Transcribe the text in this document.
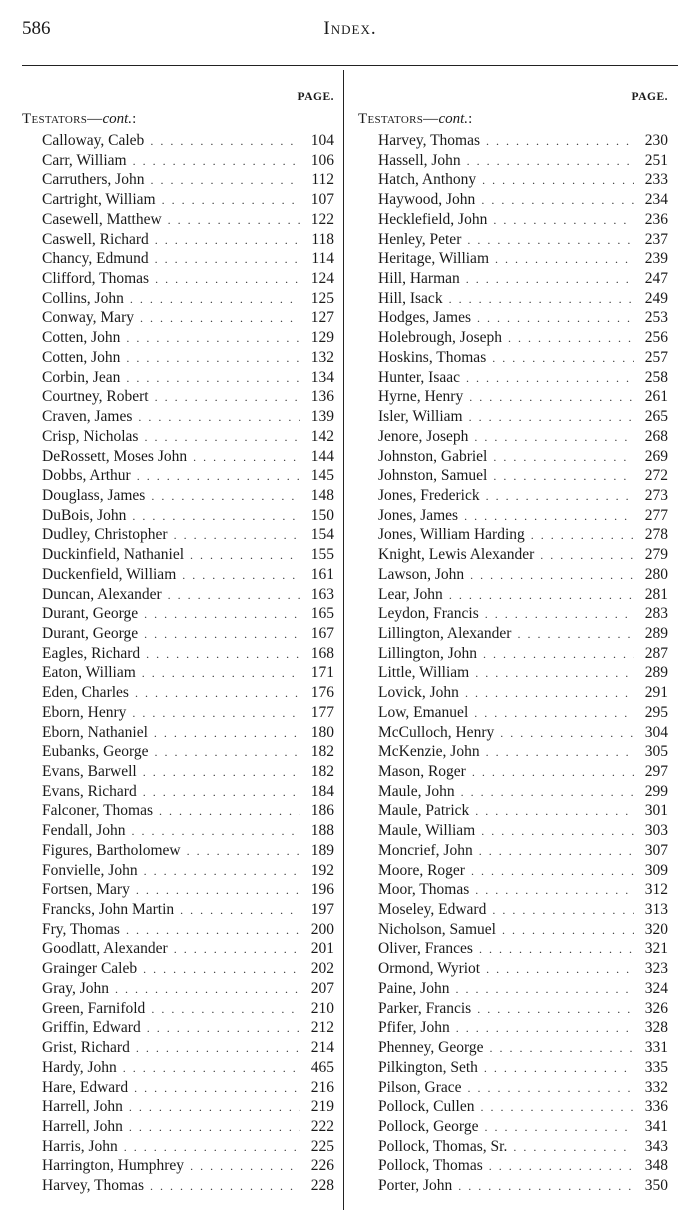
586	Index.
PAGE.
Testators—cont.:
Calloway, Caleb . . .	104
Carr, William . . .	106
Carruthers, John . . .	112
Cartright, William . . .	107
Casewell, Matthew . . .	122
Caswell, Richard . . .	118
Chancy, Edmund . . .	114
Clifford, Thomas . . .	124
Collins, John . . .	125
Conway, Mary . . .	127
Cotten, John . . .	129
Cotten, John . . .	132
Corbin, Jean . . .	134
Courtney, Robert . . .	136
Craven, James . . .	139
Crisp, Nicholas . . .	142
DeRossett, Moses John . . .	144
Dobbs, Arthur . . .	145
Douglass, James . . .	148
DuBois, John . . .	150
Dudley, Christopher . . .	154
Duckinfield, Nathaniel . . .	155
Duckenfield, William . . .	161
Duncan, Alexander . . .	163
Durant, George . . .	165
Durant, George . . .	167
Eagles, Richard . . .	168
Eaton, William . . .	171
Eden, Charles . . .	176
Eborn, Henry . . .	177
Eborn, Nathaniel . . .	180
Eubanks, George . . .	182
Evans, Barwell . . .	182
Evans, Richard . . .	184
Falconer, Thomas . . .	186
Fendall, John . . .	188
Figures, Bartholomew . . .	189
Fonvielle, John . . .	192
Fortsen, Mary . . .	196
Francks, John Martin . . .	197
Fry, Thomas . . .	200
Goodlatt, Alexander . . .	201
Grainger Caleb . . .	202
Gray, John . . .	207
Green, Farnifold . . .	210
Griffin, Edward . . .	212
Grist, Richard . . .	214
Hardy, John . . .	465
Hare, Edward . . .	216
Harrell, John . . .	219
Harrell, John . . .	222
Harris, John . . .	225
Harrington, Humphrey . . .	226
Harvey, Thomas . . .	228
PAGE.
Testators—cont.:
Harvey, Thomas . . .	230
Hassell, John . . .	251
Hatch, Anthony . . .	233
Haywood, John . . .	234
Hecklefield, John . . .	236
Henley, Peter . . .	237
Heritage, William . . .	239
Hill, Harman . . .	247
Hill, Isack . . .	249
Hodges, James . . .	253
Holebrough, Joseph . . .	256
Hoskins, Thomas . . .	257
Hunter, Isaac . . .	258
Hyrne, Henry . . .	261
Isler, William . . .	265
Jenore, Joseph . . .	268
Johnston, Gabriel . . .	269
Johnston, Samuel . . .	272
Jones, Frederick . . .	273
Jones, James . . .	277
Jones, William Harding . . .	278
Knight, Lewis Alexander . . .	279
Lawson, John . . .	280
Lear, John . . .	281
Leydon, Francis . . .	283
Lillington, Alexander . . .	289
Lillington, John . . .	287
Little, William . . .	289
Lovick, John . . .	291
Low, Emanuel . . .	295
McCulloch, Henry . . .	304
McKenzie, John . . .	305
Mason, Roger . . .	297
Maule, John . . .	299
Maule, Patrick . . .	301
Maule, William . . .	303
Moncrief, John . . .	307
Moore, Roger . . .	309
Moor, Thomas . . .	312
Moseley, Edward . . .	313
Nicholson, Samuel . . .	320
Oliver, Frances . . .	321
Ormond, Wyriot . . .	323
Paine, John . . .	324
Parker, Francis . . .	326
Pfifer, John . . .	328
Phenney, George . . .	331
Pilkington, Seth . . .	335
Pilson, Grace . . .	332
Pollock, Cullen . . .	336
Pollock, George . . .	341
Pollock, Thomas, Sr. . . .	343
Pollock, Thomas . . .	348
Porter, John . . .	350
